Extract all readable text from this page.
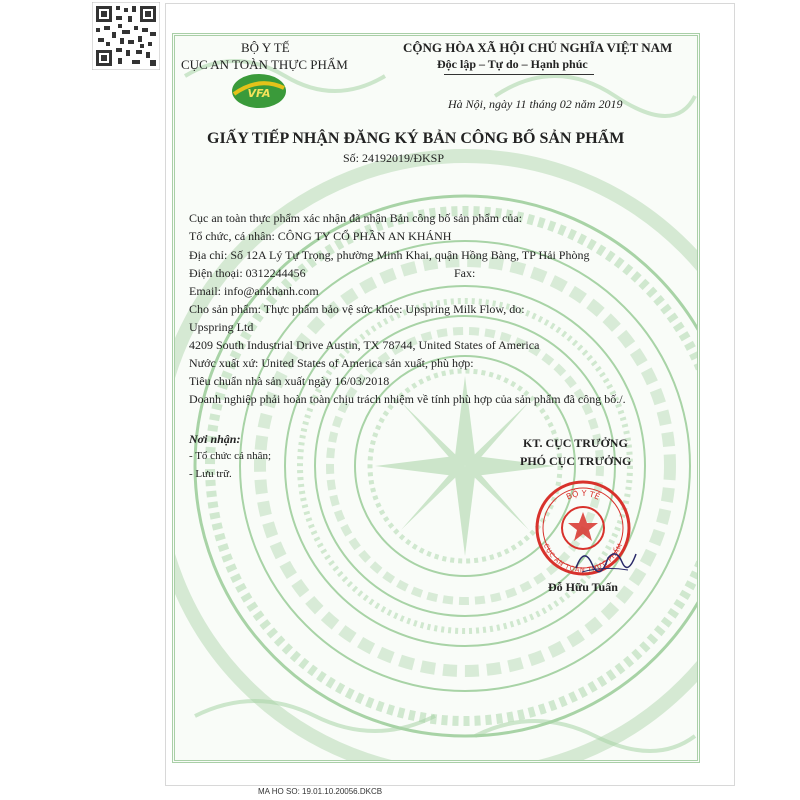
BỘ Y TẾ
CỤC AN TOÀN THỰC PHẨM
VFA
CỘNG HÒA XÃ HỘI CHỦ NGHĨA VIỆT NAM
Độc lập – Tự do – Hạnh phúc
Hà Nội, ngày 11 tháng 02 năm 2019
GIẤY TIẾP NHẬN ĐĂNG KÝ BẢN CÔNG BỐ SẢN PHẨM
Số: 24192019/ĐKSP
Cục an toàn thực phẩm xác nhận đã nhận Bản công bố sản phẩm của:
Tổ chức, cá nhân: CÔNG TY CỔ PHẦN AN KHÁNH
Địa chỉ: Số 12A Lý Tự Trọng, phường Minh Khai, quận Hồng Bàng, TP Hải Phòng
Điện thoại: 0312244456	Fax:
Email: info@ankhanh.com
Cho sản phẩm: Thực phẩm bảo vệ sức khỏe: Upspring Milk Flow, do:
Upspring Ltd
4209 South Industrial Drive Austin, TX 78744, United States of America
Nước xuất xứ: United States of America sản xuất, phù hợp:
Tiêu chuẩn nhà sản xuất ngày 16/03/2018
Doanh nghiệp phải hoàn toàn chịu trách nhiệm về tính phù hợp của sản phẩm đã công bố./.
Nơi nhận:
- Tổ chức cá nhân;
- Lưu trữ.
KT. CỤC TRƯỞNG
PHÓ CỤC TRƯỞNG
BỘ Y TẾ
CỤC AN TOÀN THỰC PHẨM
Đỗ Hữu Tuấn
MA HO SO: 19.01.10.20056.DKCB
